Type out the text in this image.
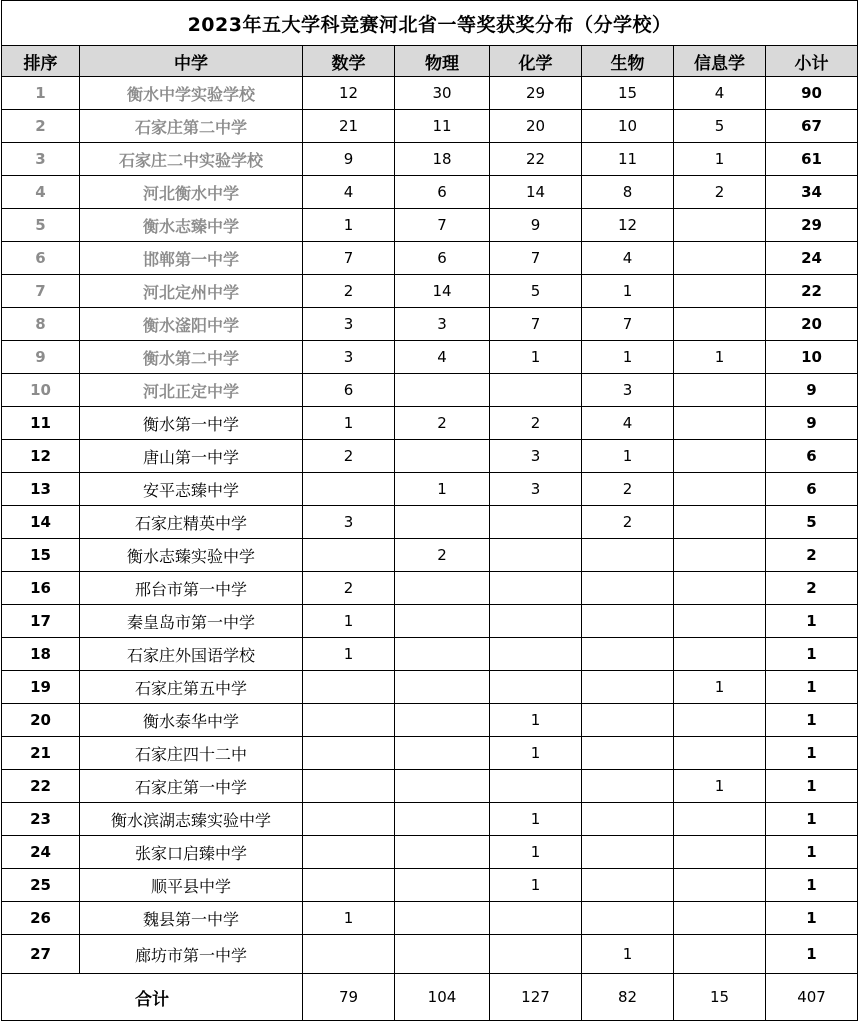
2023年五大学科竞赛河北省一等奖获奖分布（分学校）							
排序	中学	数学	物理	化学	生物	信息学	小计
1	衡水中学实验学校	12	30	29	15	4	90
2	石家庄第二中学	21	11	20	10	5	67
3	石家庄二中实验学校	9	18	22	11	1	61
4	河北衡水中学	4	6	14	8	2	34
5	衡水志臻中学	1	7	9	12		29
6	邯郸第一中学	7	6	7	4		24
7	河北定州中学	2	14	5	1		22
8	衡水滏阳中学	3	3	7	7		20
9	衡水第二中学	3	4	1	1	1	10
10	河北正定中学	6			3		9
11	衡水第一中学	1	2	2	4		9
12	唐山第一中学	2		3	1		6
13	安平志臻中学		1	3	2		6
14	石家庄精英中学	3			2		5
15	衡水志臻实验中学		2				2
16	邢台市第一中学	2					2
17	秦皇岛市第一中学	1					1
18	石家庄外国语学校	1					1
19	石家庄第五中学					1	1
20	衡水泰华中学			1			1
21	石家庄四十二中			1			1
22	石家庄第一中学					1	1
23	衡水滨湖志臻实验中学			1			1
24	张家口启臻中学			1			1
25	顺平县中学			1			1
26	魏县第一中学	1					1
27	廊坊市第一中学				1		1
合计		79	104	127	82	15	407
